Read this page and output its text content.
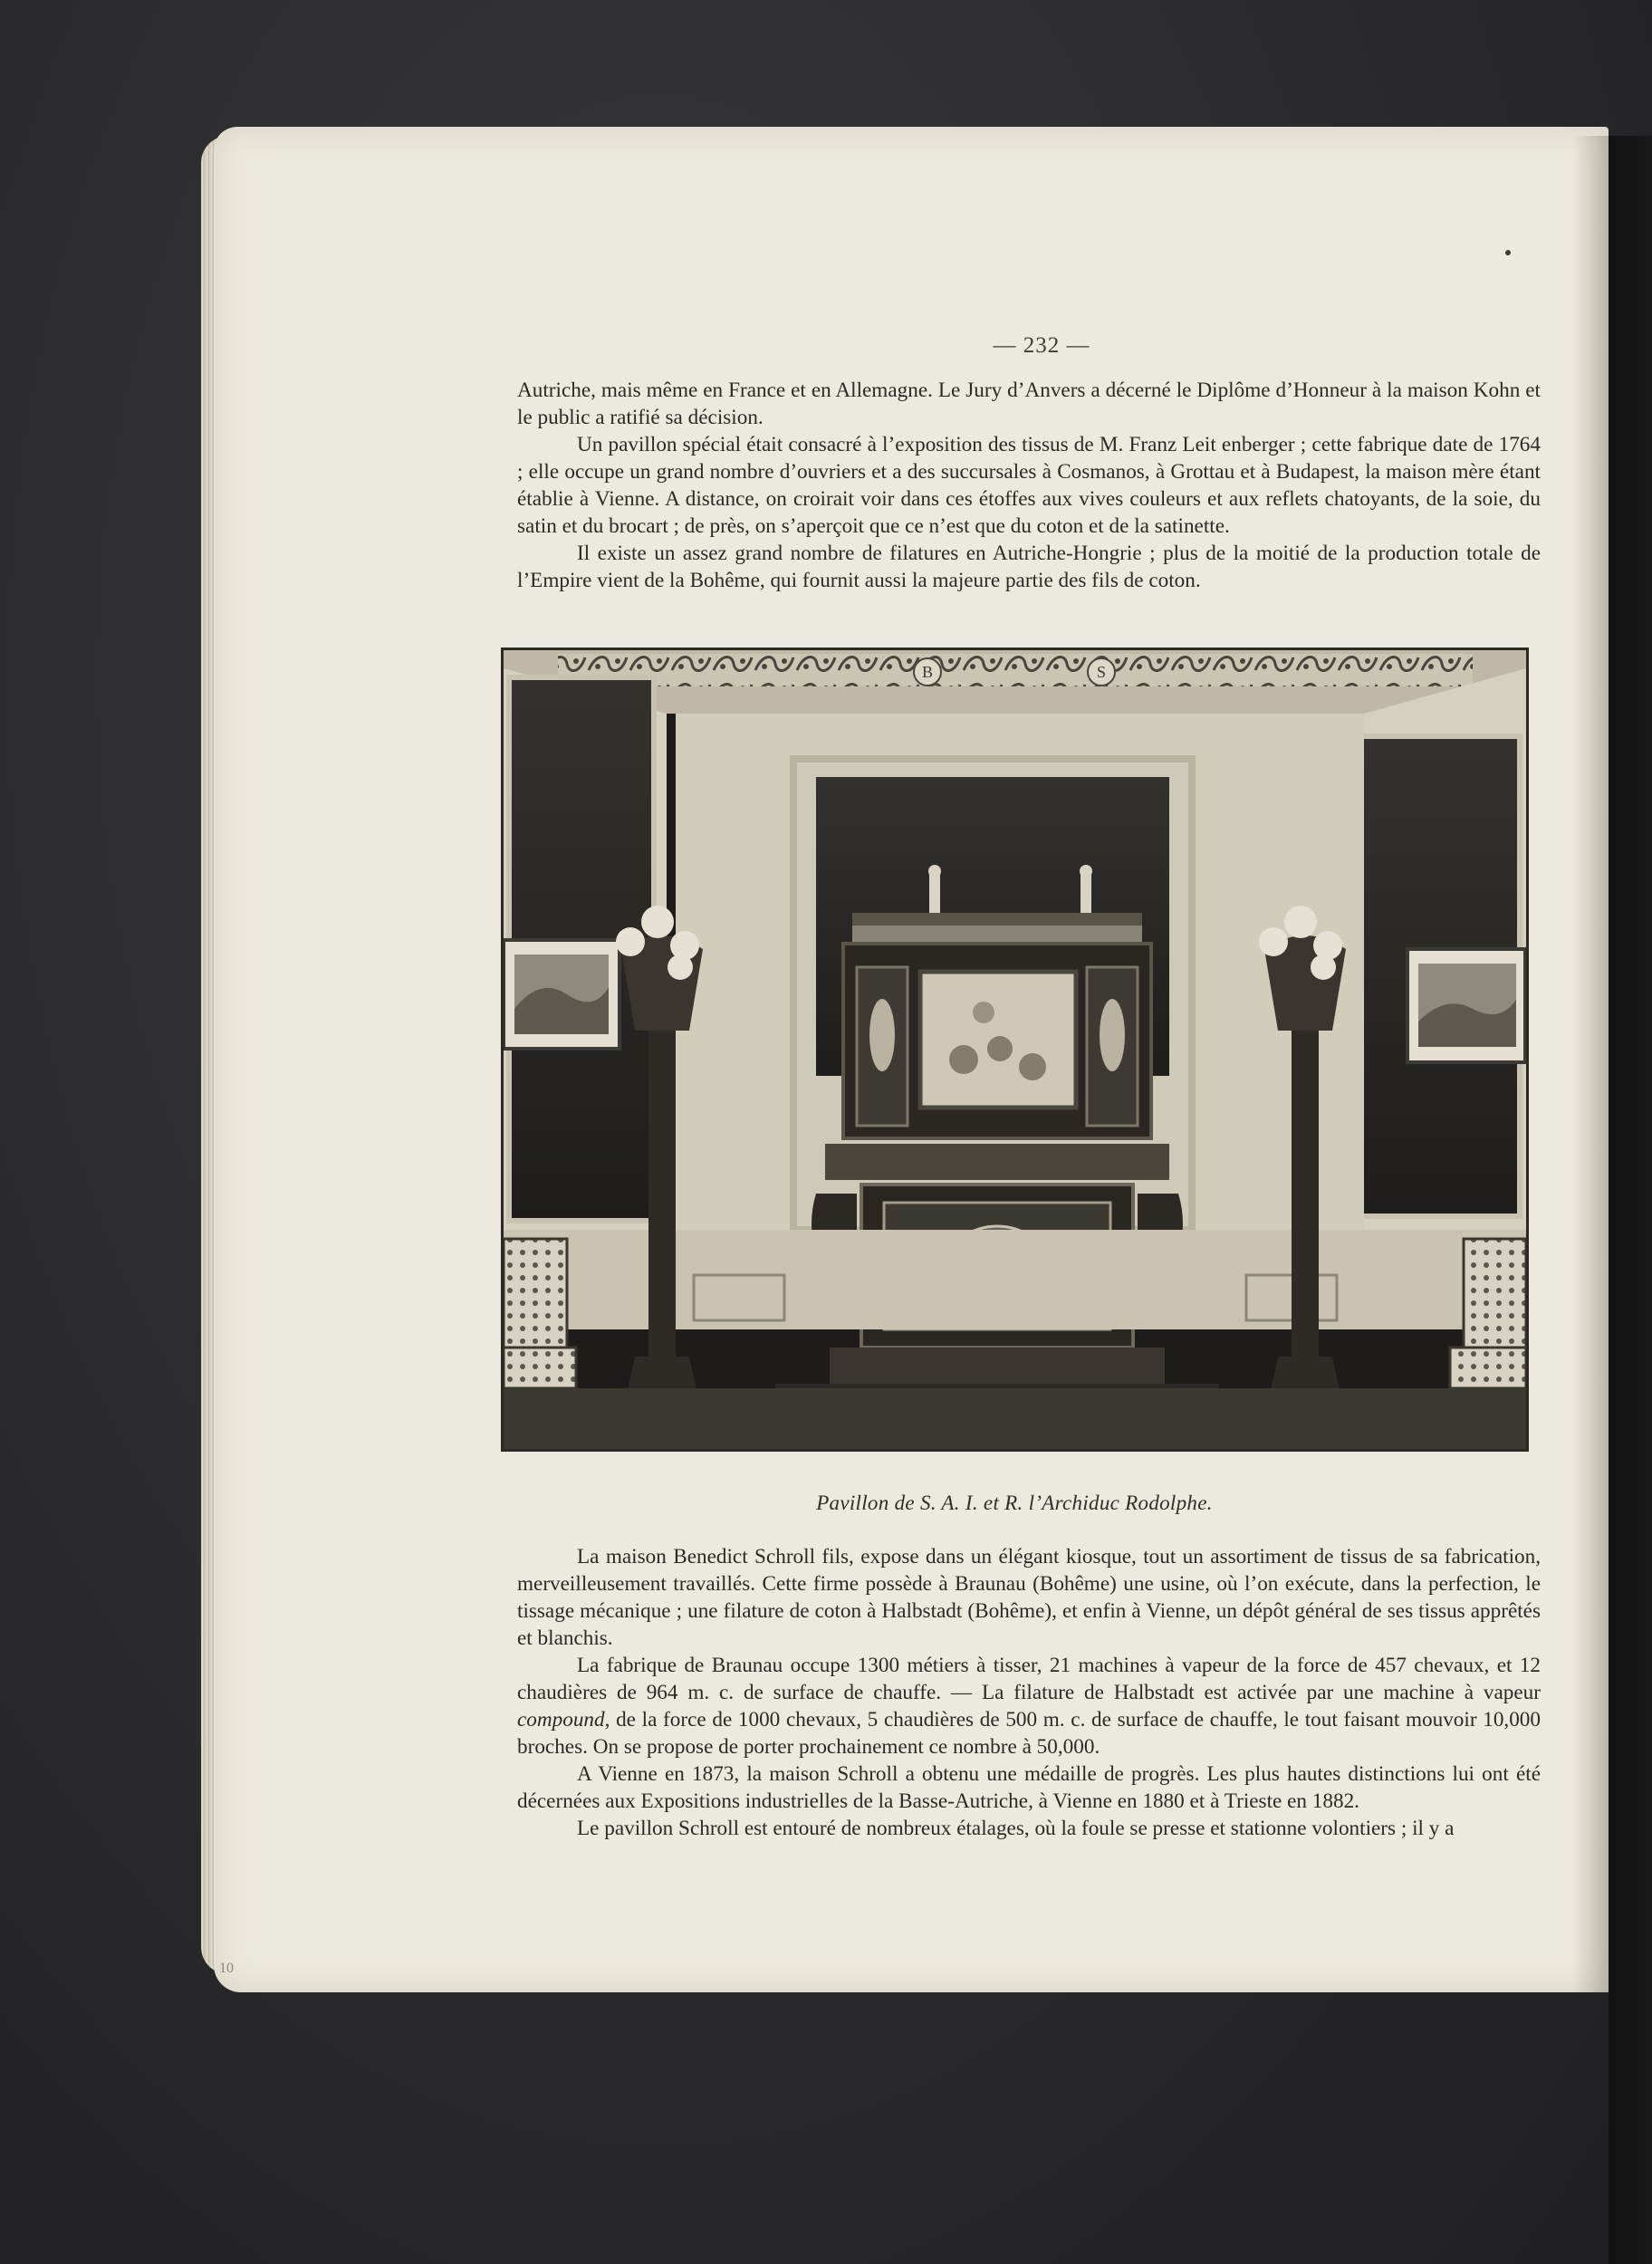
— 232 —

Autriche, mais même en France et en Allemagne. Le Jury d’Anvers a décerné le Diplôme d’Honneur à la maison Kohn et le public a ratifié sa décision.

Un pavillon spécial était consacré à l’exposition des tissus de M. Franz Leit enberger ; cette fabrique date de 1764 ; elle occupe un grand nombre d’ouvriers et a des succursales à Cosmanos, à Grottau et à Budapest, la maison mère étant établie à Vienne. A distance, on croirait voir dans ces étoffes aux vives couleurs et aux reflets chatoyants, de la soie, du satin et du brocart ; de près, on s’aperçoit que ce n’est que du coton et de la satinette.

Il existe un assez grand nombre de filatures en Autriche-Hongrie ; plus de la moitié de la production totale de l’Empire vient de la Bohême, qui fournit aussi la majeure partie des fils de coton.

B	S
Pavillon de S. A. I. et R. l’Archiduc Rodolphe.

La maison Benedict Schroll fils, expose dans un élégant kiosque, tout un assortiment de tissus de sa fabrication, merveilleusement travaillés. Cette firme possède à Braunau (Bohême) une usine, où l’on exécute, dans la perfection, le tissage mécanique ; une filature de coton à Halbstadt (Bohême), et enfin à Vienne, un dépôt général de ses tissus apprêtés et blanchis.

La fabrique de Braunau occupe 1300 métiers à tisser, 21 machines à vapeur de la force de 457 chevaux, et 12 chaudières de 964 m. c. de surface de chauffe. — La filature de Halbstadt est activée par une machine à vapeur compound, de la force de 1000 chevaux, 5 chaudières de 500 m. c. de surface de chauffe, le tout faisant mouvoir 10,000 broches. On se propose de porter prochainement ce nombre à 50,000.

A Vienne en 1873, la maison Schroll a obtenu une médaille de progrès. Les plus hautes distinctions lui ont été décernées aux Expositions industrielles de la Basse-Autriche, à Vienne en 1880 et à Trieste en 1882.

Le pavillon Schroll est entouré de nombreux étalages, où la foule se presse et stationne volontiers ; il y a

10
